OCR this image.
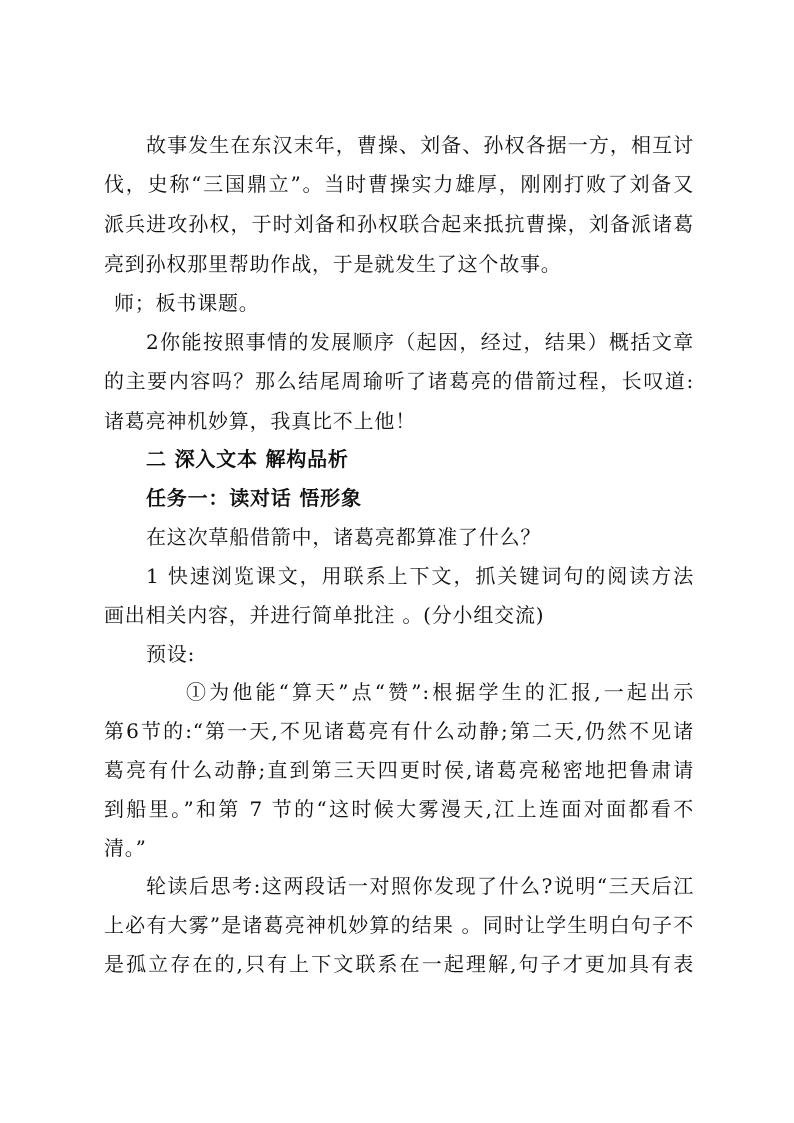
故事发生在东汉末年，曹操、刘备、孙权各据一方，相互讨
伐，史称“三国鼎立”。当时曹操实力雄厚，刚刚打败了刘备又
派兵进攻孙权，于时刘备和孙权联合起来抵抗曹操，刘备派诸葛
亮到孙权那里帮助作战，于是就发生了这个故事。
师；板书课题。
2你能按照事情的发展顺序（起因，经过，结果）概括文章
的主要内容吗？那么结尾周瑜听了诸葛亮的借箭过程，长叹道:
诸葛亮神机妙算，我真比不上他！
二 深入文本 解构品析
任务一：读对话 悟形象
在这次草船借箭中，诸葛亮都算准了什么？
1 快速浏览课文，用联系上下文，抓关键词句的阅读方法
画出相关内容，并进行简单批注 。(分小组交流)
预设:
①为他能“算天”点“赞”:根据学生的汇报,一起出示
第6节的:“第一天,不见诸葛亮有什么动静;第二天,仍然不见诸
葛亮有什么动静;直到第三天四更时侯,诸葛亮秘密地把鲁肃请
到船里。”和第 7 节的“这时候大雾漫天,江上连面对面都看不
清。”
轮读后思考:这两段话一对照你发现了什么?说明“三天后江
上必有大雾”是诸葛亮神机妙算的结果 。同时让学生明白句子不
是孤立存在的,只有上下文联系在一起理解,句子才更加具有表
